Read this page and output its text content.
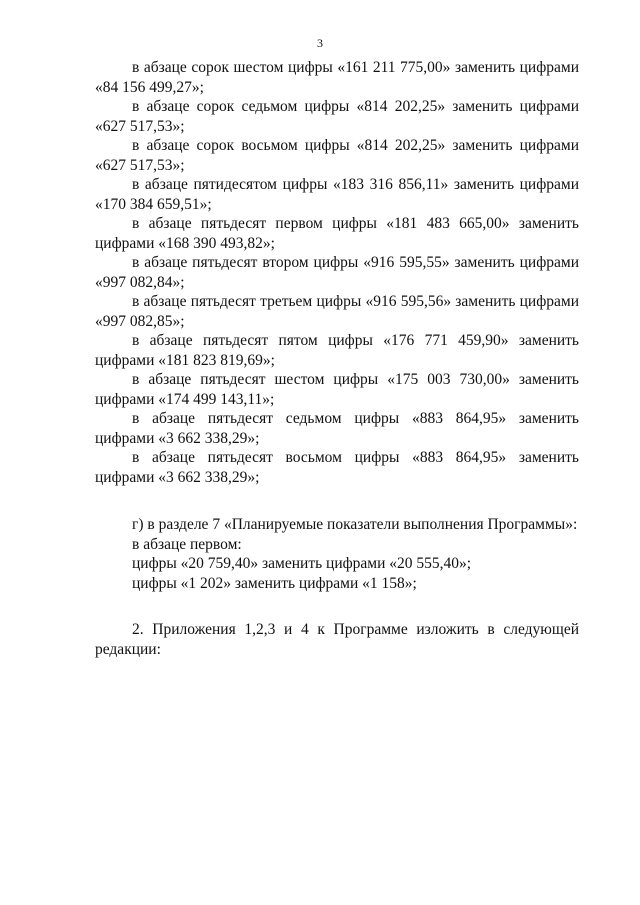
3

в абзаце сорок шестом цифры «161 211 775,00» заменить цифрами «84 156 499,27»;

в абзаце сорок седьмом цифры «814 202,25» заменить цифрами «627 517,53»;

в абзаце сорок восьмом цифры «814 202,25» заменить цифрами «627 517,53»;

в абзаце пятидесятом цифры «183 316 856,11» заменить цифрами «170 384 659,51»;

в абзаце пятьдесят первом цифры «181 483 665,00» заменить цифрами «168 390 493,82»;

в абзаце пятьдесят втором цифры «916 595,55» заменить цифрами «997 082,84»;

в абзаце пятьдесят третьем цифры «916 595,56» заменить цифрами «997 082,85»;

в абзаце пятьдесят пятом цифры «176 771 459,90» заменить цифрами «181 823 819,69»;

в абзаце пятьдесят шестом цифры «175 003 730,00» заменить цифрами «174 499 143,11»;

в абзаце пятьдесят седьмом цифры «883 864,95» заменить цифрами «3 662 338,29»;

в абзаце пятьдесят восьмом цифры «883 864,95» заменить цифрами «3 662 338,29»;

г) в разделе 7 «Планируемые показатели выполнения Программы»:

в абзаце первом:

цифры «20 759,40» заменить цифрами «20 555,40»;

цифры «1 202» заменить цифрами «1 158»;

2. Приложения 1,2,3 и 4 к Программе изложить в следующей редакции:
